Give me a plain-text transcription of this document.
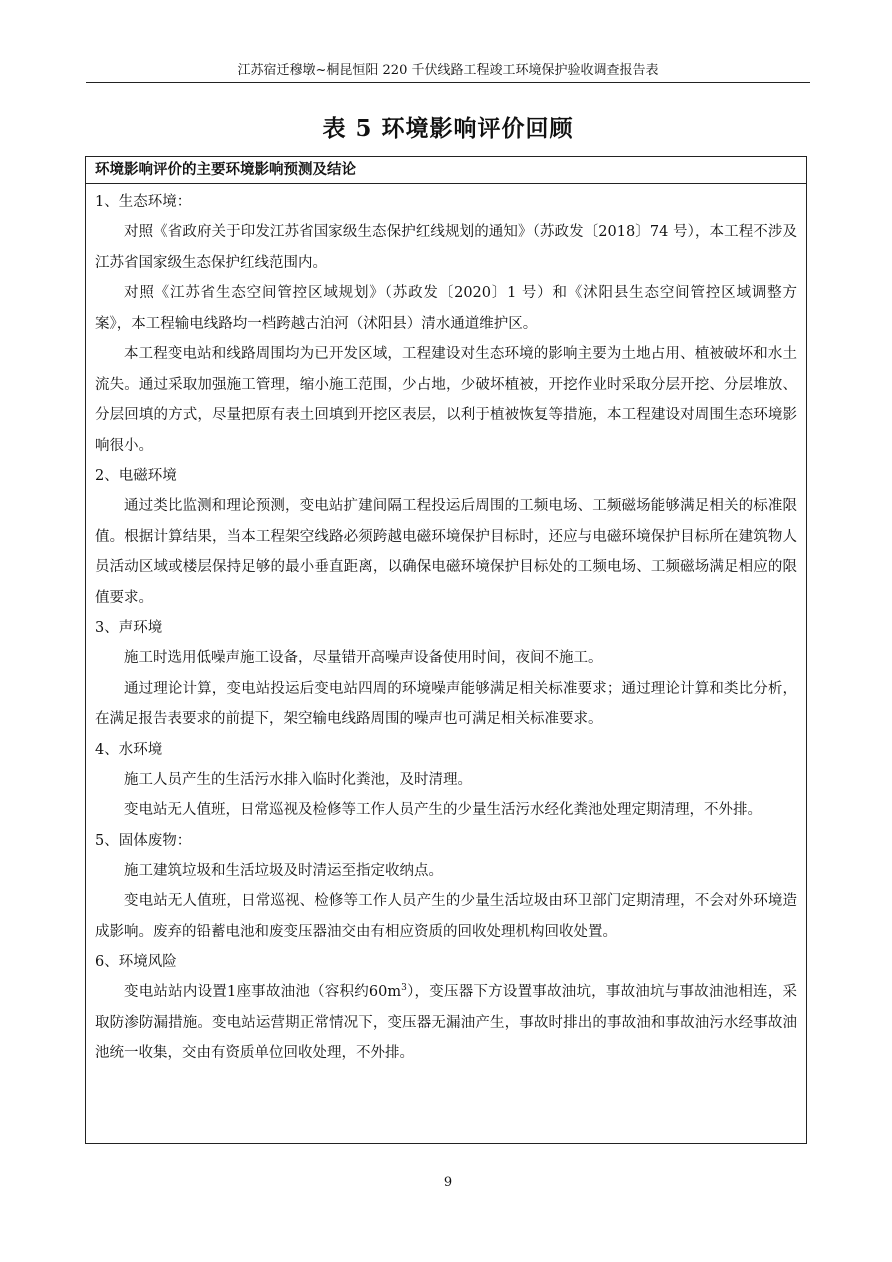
江苏宿迁穆墩~桐昆恒阳 220 千伏线路工程竣工环境保护验收调查报告表
表 5 环境影响评价回顾
环境影响评价的主要环境影响预测及结论
1、生态环境：

对照《省政府关于印发江苏省国家级生态保护红线规划的通知》（苏政发〔2018〕74 号），本工程不涉及江苏省国家级生态保护红线范围内。

对照《江苏省生态空间管控区域规划》（苏政发〔2020〕1 号）和《沭阳县生态空间管控区域调整方案》，本工程输电线路均一档跨越古泊河（沭阳县）清水通道维护区。

本工程变电站和线路周围均为已开发区域，工程建设对生态环境的影响主要为土地占用、植被破坏和水土流失。通过采取加强施工管理，缩小施工范围，少占地，少破坏植被，开挖作业时采取分层开挖、分层堆放、分层回填的方式，尽量把原有表土回填到开挖区表层，以利于植被恢复等措施，本工程建设对周围生态环境影响很小。

2、电磁环境

通过类比监测和理论预测，变电站扩建间隔工程投运后周围的工频电场、工频磁场能够满足相关的标准限值。根据计算结果，当本工程架空线路必须跨越电磁环境保护目标时，还应与电磁环境保护目标所在建筑物人员活动区域或楼层保持足够的最小垂直距离，以确保电磁环境保护目标处的工频电场、工频磁场满足相应的限值要求。

3、声环境

施工时选用低噪声施工设备，尽量错开高噪声设备使用时间，夜间不施工。

通过理论计算，变电站投运后变电站四周的环境噪声能够满足相关标准要求；通过理论计算和类比分析，在满足报告表要求的前提下，架空输电线路周围的噪声也可满足相关标准要求。

4、水环境

施工人员产生的生活污水排入临时化粪池，及时清理。

变电站无人值班，日常巡视及检修等工作人员产生的少量生活污水经化粪池处理定期清理，不外排。

5、固体废物：

施工建筑垃圾和生活垃圾及时清运至指定收纳点。

变电站无人值班，日常巡视、检修等工作人员产生的少量生活垃圾由环卫部门定期清理，不会对外环境造成影响。废弃的铅蓄电池和废变压器油交由有相应资质的回收处理机构回收处置。

6、环境风险

变电站站内设置1座事故油池（容积约$60m^3$），变压器下方设置事故油坑，事故油坑与事故油池相连，采取防渗防漏措施。变电站运营期正常情况下，变压器无漏油产生，事故时排出的事故油和事故油污水经事故油池统一收集，交由有资质单位回收处理，不外排。

9
